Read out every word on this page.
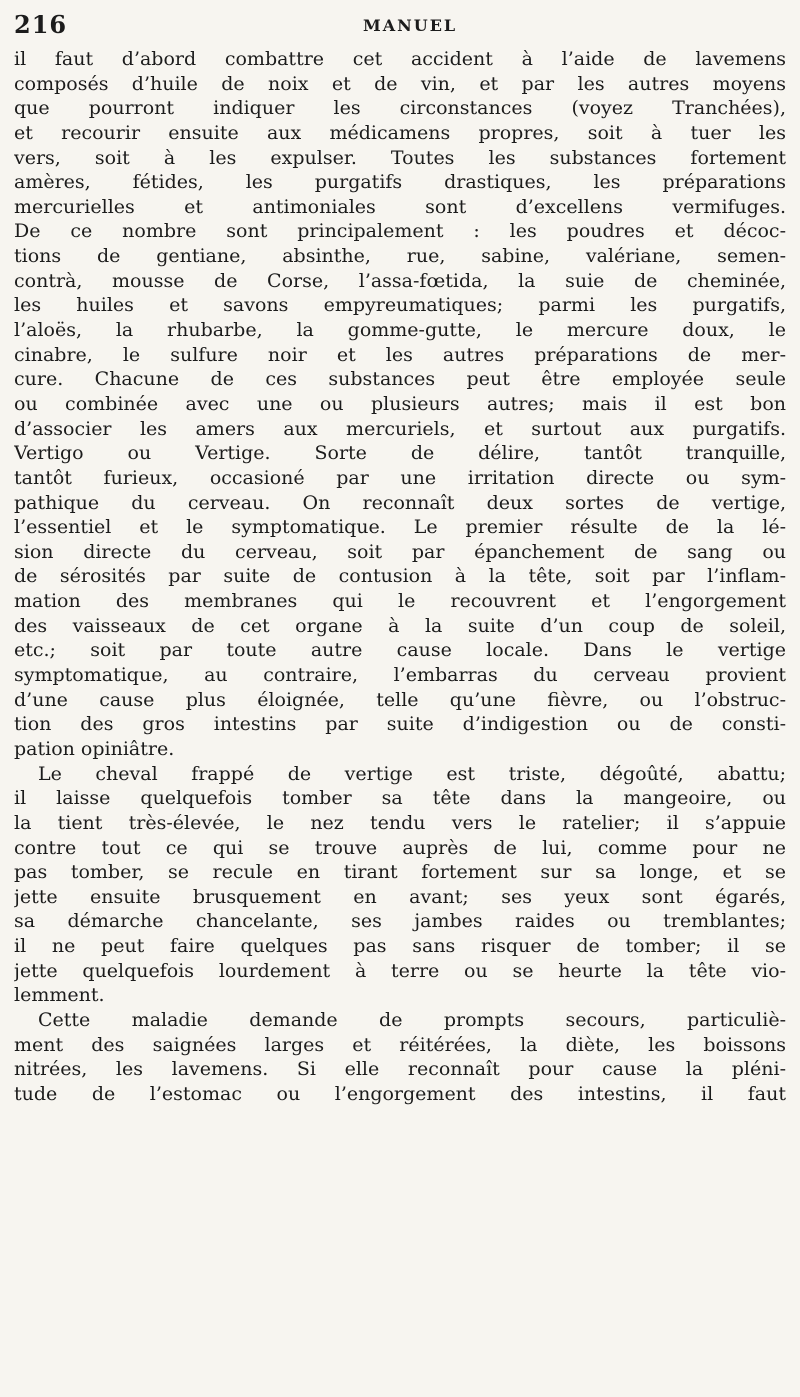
216	MANUEL
il faut d’abord combattre cet accident à l’aide de lavemens
composés d’huile de noix et de vin, et par les autres moyens
que pourront indiquer les circonstances (voyez Tranchées),
et recourir ensuite aux médicamens propres, soit à tuer les
vers, soit à les expulser. Toutes les substances fortement
amères, fétides, les purgatifs drastiques, les préparations
mercurielles et antimoniales sont d’excellens vermifuges.
De ce nombre sont principalement : les poudres et décoc-
tions de gentiane, absinthe, rue, sabine, valériane, semen-
contrà, mousse de Corse, l’assa-fœtida, la suie de cheminée,
les huiles et savons empyreumatiques; parmi les purgatifs,
l’aloës, la rhubarbe, la gomme-gutte, le mercure doux, le
cinabre, le sulfure noir et les autres préparations de mer-
cure. Chacune de ces substances peut être employée seule
ou combinée avec une ou plusieurs autres; mais il est bon
d’associer les amers aux mercuriels, et surtout aux purgatifs.
Vertigo ou Vertige. Sorte de délire, tantôt tranquille,
tantôt furieux, occasioné par une irritation directe ou sym-
pathique du cerveau. On reconnaît deux sortes de vertige,
l’essentiel et le symptomatique. Le premier résulte de la lé-
sion directe du cerveau, soit par épanchement de sang ou
de sérosités par suite de contusion à la tête, soit par l’inflam-
mation des membranes qui le recouvrent et l’engorgement
des vaisseaux de cet organe à la suite d’un coup de soleil,
etc.; soit par toute autre cause locale. Dans le vertige
symptomatique, au contraire, l’embarras du cerveau provient
d’une cause plus éloignée, telle qu’une fièvre, ou l’obstruc-
tion des gros intestins par suite d’indigestion ou de consti-
pation opiniâtre.
Le cheval frappé de vertige est triste, dégoûté, abattu;
il laisse quelquefois tomber sa tête dans la mangeoire, ou
la tient très-élevée, le nez tendu vers le ratelier; il s’appuie
contre tout ce qui se trouve auprès de lui, comme pour ne
pas tomber, se recule en tirant fortement sur sa longe, et se
jette ensuite brusquement en avant; ses yeux sont égarés,
sa démarche chancelante, ses jambes raides ou tremblantes;
il ne peut faire quelques pas sans risquer de tomber; il se
jette quelquefois lourdement à terre ou se heurte la tête vio-
lemment.
Cette maladie demande de prompts secours, particuliè-
ment des saignées larges et réitérées, la diète, les boissons
nitrées, les lavemens. Si elle reconnaît pour cause la pléni-
tude de l’estomac ou l’engorgement des intestins, il faut
